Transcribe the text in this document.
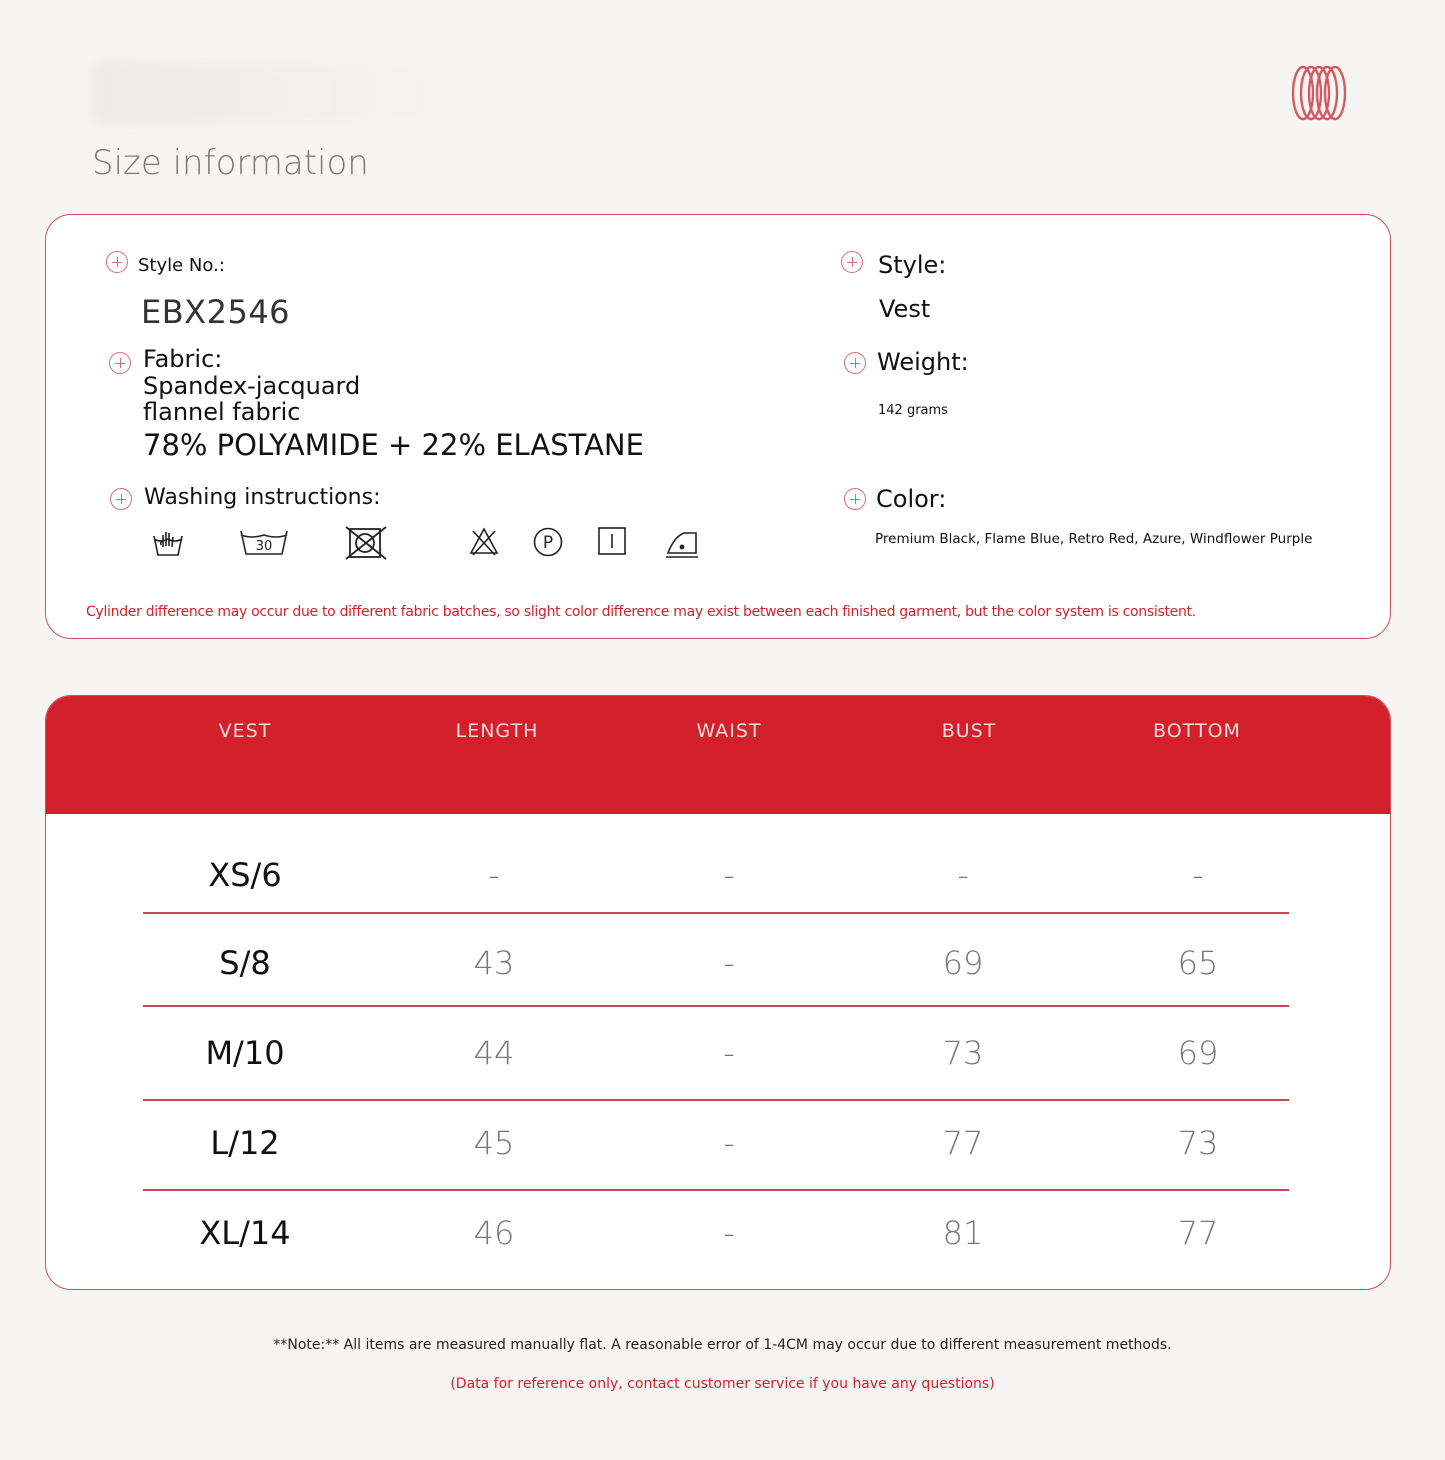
Size information
Style No.:
EBX2546
Fabric:
Spandex-jacquard
flannel fabric
78% POLYAMIDE + 22% ELASTANE
Washing instructions:
30	P
Style:
Vest
Weight:
142 grams
Color:
Premium Black, Flame Blue, Retro Red, Azure, Windflower Purple
Cylinder difference may occur due to different fabric batches, so slight color difference may exist between each finished garment, but the color system is consistent.
VEST	LENGTH	WAIST	BUST	BOTTOM
XS/6	-	-	-	-
S/8	43	-	69	65
M/10	44	-	73	69
L/12	45	-	77	73
XL/14	46	-	81	77
**Note:** All items are measured manually flat. A reasonable error of 1-4CM may occur due to different measurement methods.
(Data for reference only, contact customer service if you have any questions)
